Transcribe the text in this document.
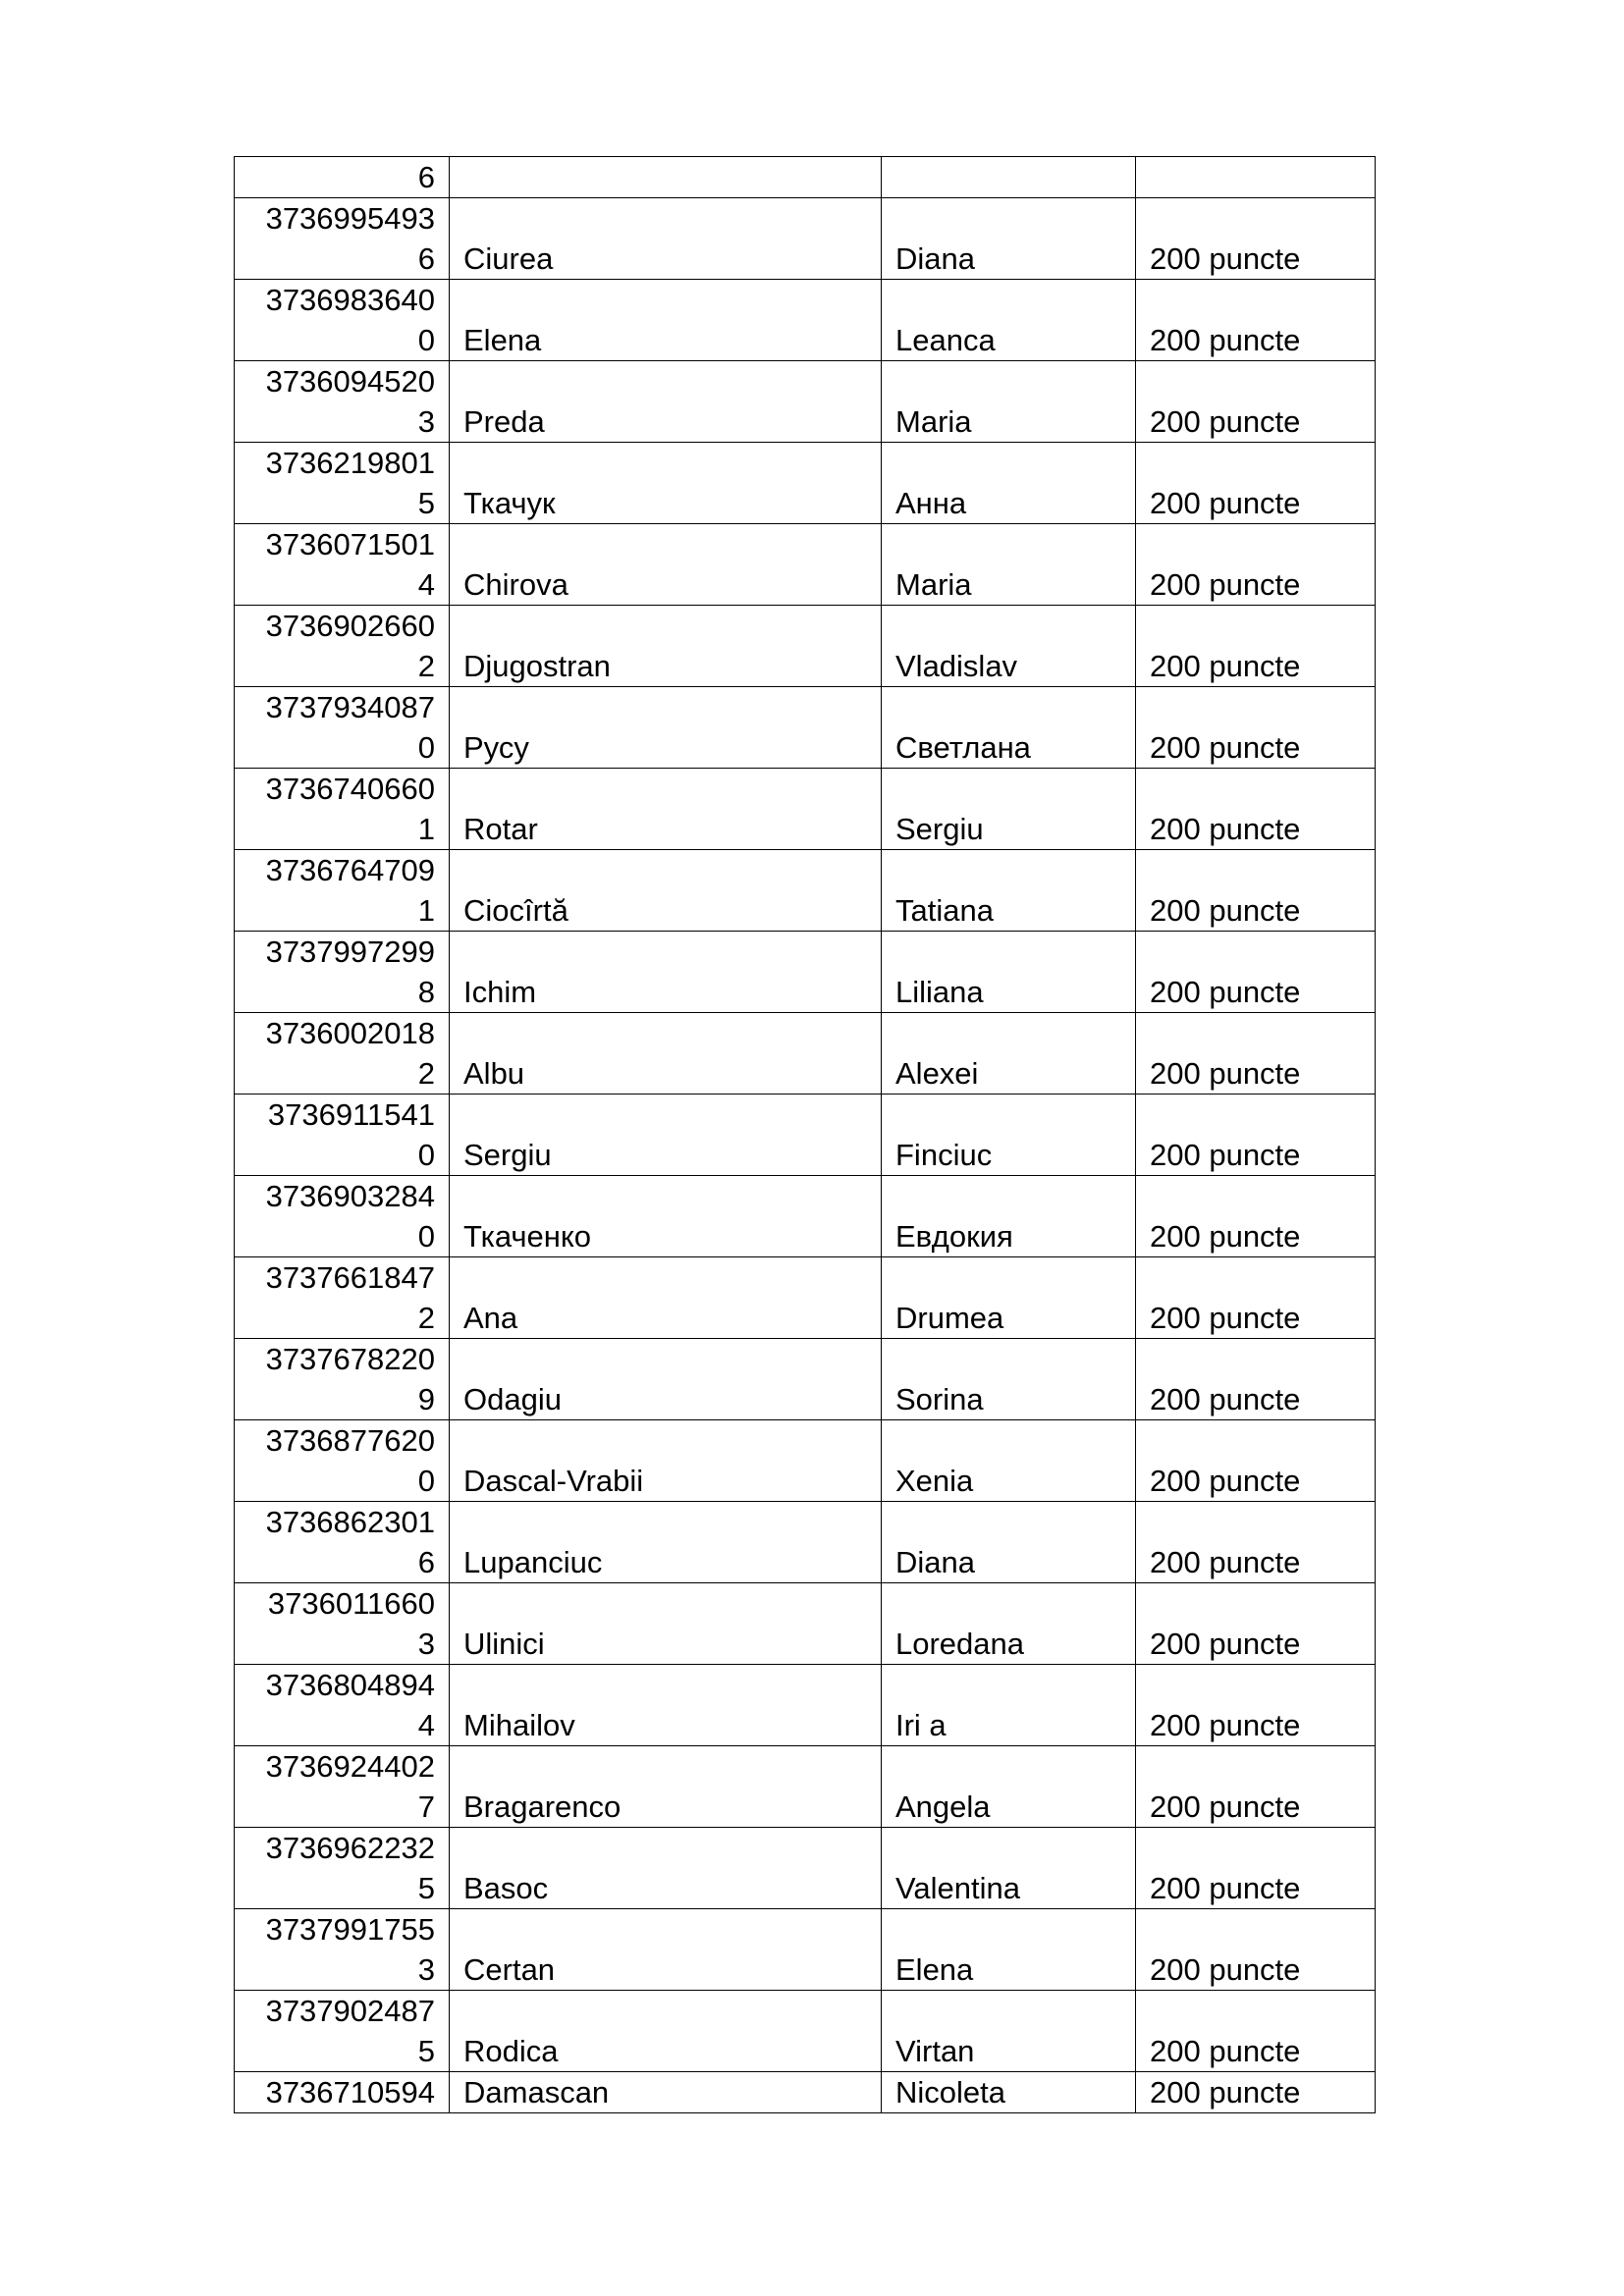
6			

3736995493
6	Ciurea	Diana	200 puncte

3736983640
0	Elena	Leanca	200 puncte

3736094520
3	Preda	Maria	200 puncte

3736219801
5	Ткачук	Анна	200 puncte

3736071501
4	Chirova	Maria	200 puncte

3736902660
2	Djugostran	Vladislav	200 puncte

3737934087
0	Русу	Светлана	200 puncte

3736740660
1	Rotar	Sergiu	200 puncte

3736764709
1	Ciocîrtă	Tatiana	200 puncte

3737997299
8	Ichim	Liliana	200 puncte

3736002018
2	Albu	Alexei	200 puncte

3736911541
0	Sergiu	Finciuc	200 puncte

3736903284
0	Ткаченко	Евдокия	200 puncte

3737661847
2	Ana	Drumea	200 puncte

3737678220
9	Odagiu	Sorina	200 puncte

3736877620
0	Dascal-Vrabii	Xenia	200 puncte

3736862301
6	Lupanciuc	Diana	200 puncte

3736011660
3	Ulinici	Loredana	200 puncte

3736804894
4	Mihailov	Iri a	200 puncte

3736924402
7	Bragarenco	Angela	200 puncte

3736962232
5	Basoc	Valentina	200 puncte

3737991755
3	Certan	Elena	200 puncte

3737902487
5	Rodica	Virtan	200 puncte

3736710594	Damascan	Nicoleta	200 puncte
